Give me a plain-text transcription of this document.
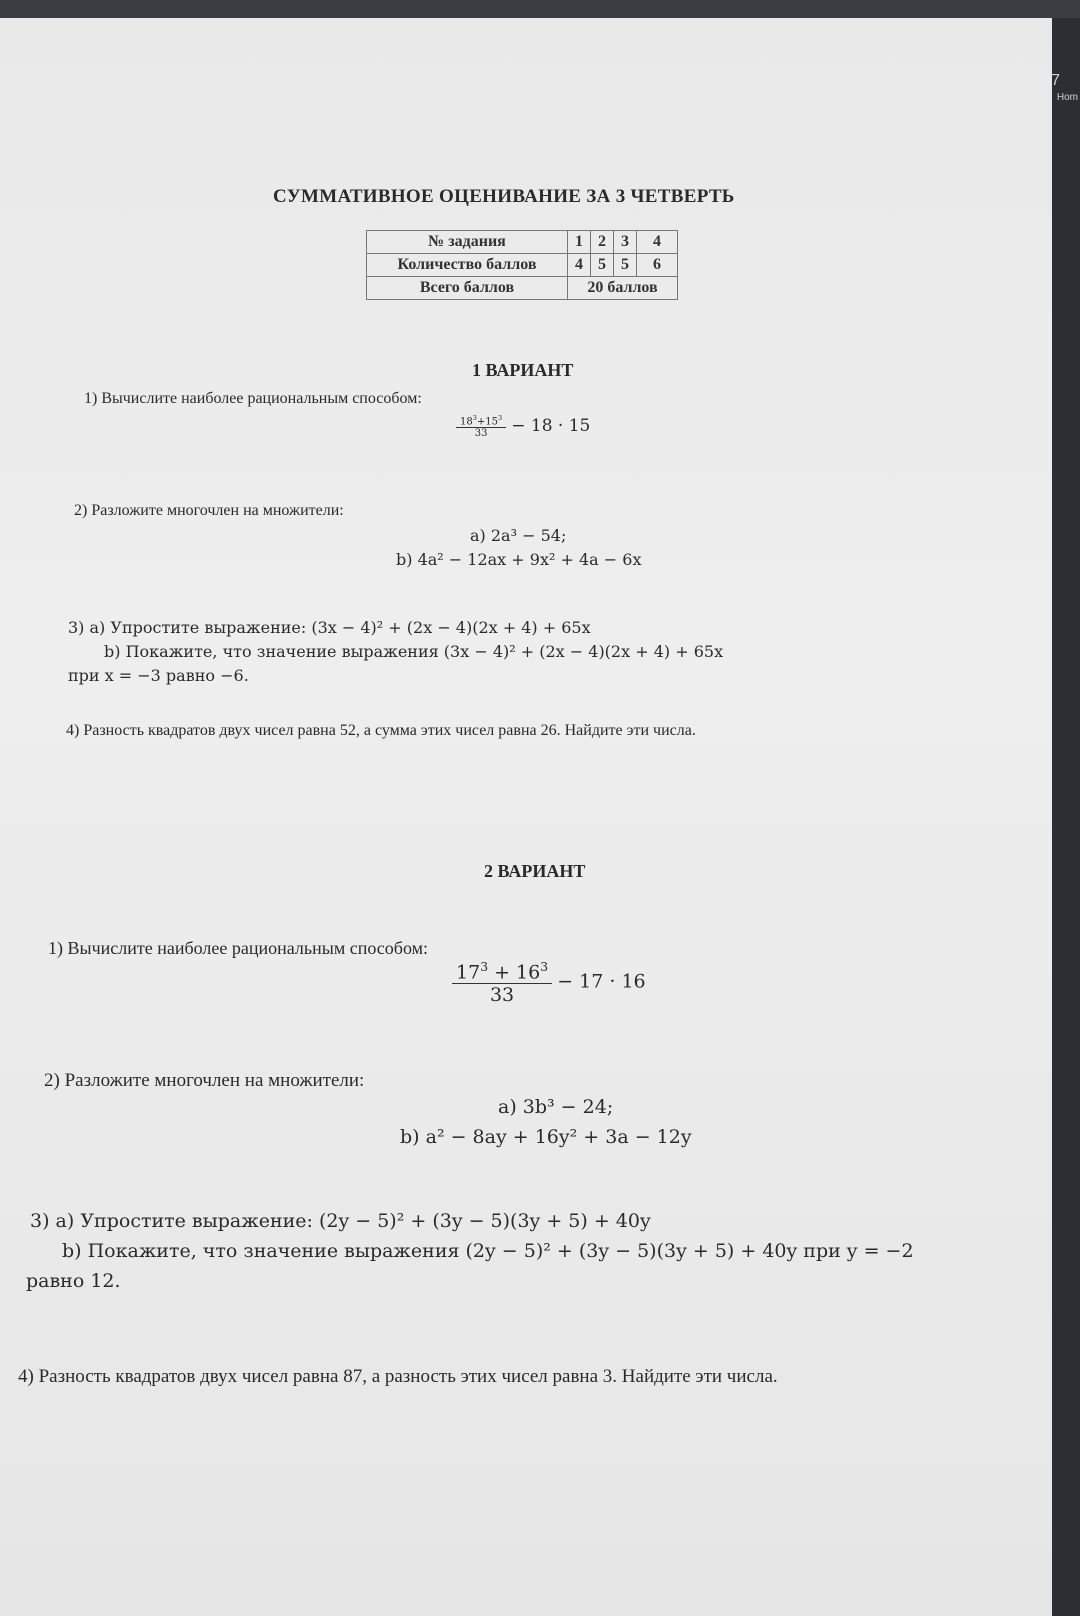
СУММАТИВНОЕ ОЦЕНИВАНИЕ ЗА 3 ЧЕТВЕРТЬ
№ задания	1	2	3	4
Количество баллов	4	5	5	6
Всего баллов	20 баллов			
1 ВАРИАНТ
1) Вычислите наиболее рациональным способом:
$\frac{18^3+15^3}{33} - 18 \cdot 15$
2) Разложите многочлен на множители:
а) 2a³ − 54;
b) 4a² − 12ax + 9x² + 4a − 6x
3) а) Упростите выражение: (3x − 4)² + (2x − 4)(2x + 4) + 65x
b) Покажите, что значение выражения (3x − 4)² + (2x − 4)(2x + 4) + 65x
при x = −3 равно −6.
4) Разность квадратов двух чисел равна 52, а сумма этих чисел равна 26. Найдите эти числа.
2 ВАРИАНТ
1) Вычислите наиболее рациональным способом:
$\frac{17^3 + 16^3}{33} - 17 \cdot 16$
2) Разложите многочлен на множители:
а) 3b³ − 24;
b) a² − 8ay + 16y² + 3a − 12y
3) а) Упростите выражение: (2y − 5)² + (3y − 5)(3y + 5) + 40y
b) Покажите, что значение выражения (2y − 5)² + (3y − 5)(3y + 5) + 40y при y = −2
равно 12.
4) Разность квадратов двух чисел равна 87, а разность этих чисел равна 3. Найдите эти числа.
7
Hom
